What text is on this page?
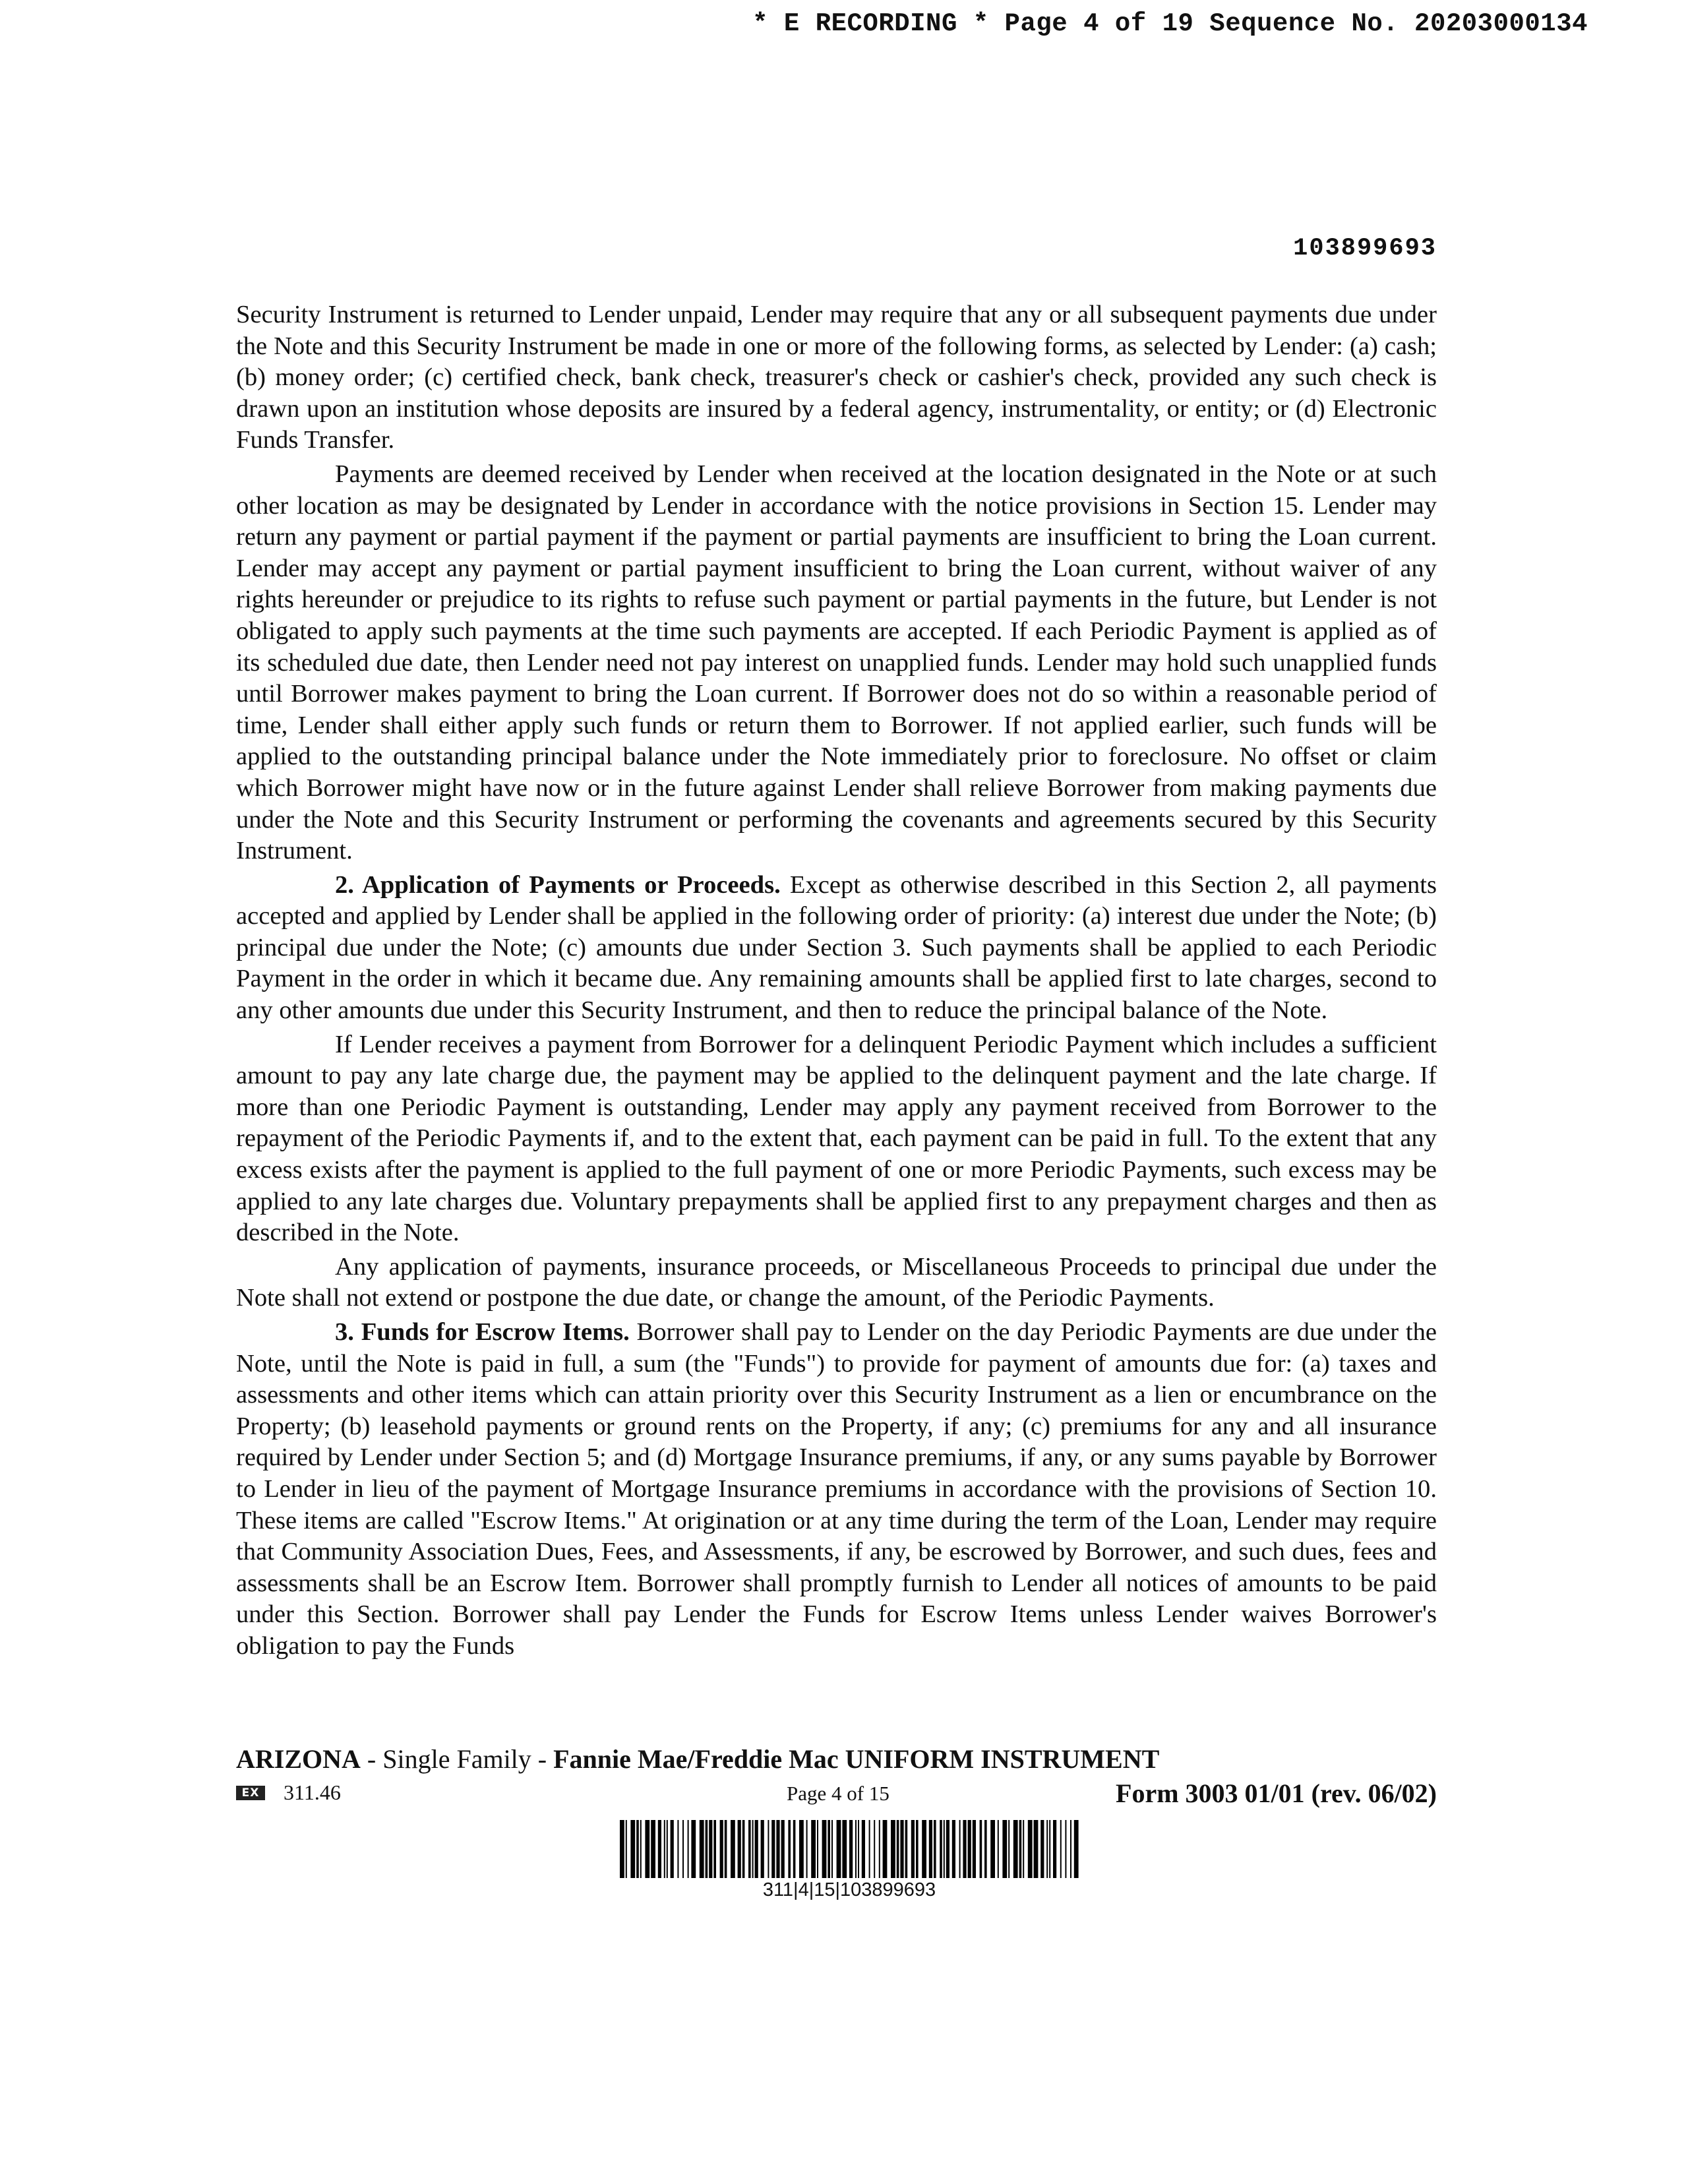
* E RECORDING * Page 4 of 19 Sequence No. 20203000134
103899693

Security Instrument is returned to Lender unpaid, Lender may require that any or all subsequent payments due under the Note and this Security Instrument be made in one or more of the following forms, as selected by Lender: (a) cash; (b) money order; (c) certified check, bank check, treasurer's check or cashier's check, provided any such check is drawn upon an institution whose deposits are insured by a federal agency, instrumentality, or entity; or (d) Electronic Funds Transfer.

Payments are deemed received by Lender when received at the location designated in the Note or at such other location as may be designated by Lender in accordance with the notice provisions in Section 15. Lender may return any payment or partial payment if the payment or partial payments are insufficient to bring the Loan current. Lender may accept any payment or partial payment insufficient to bring the Loan current, without waiver of any rights hereunder or prejudice to its rights to refuse such payment or partial payments in the future, but Lender is not obligated to apply such payments at the time such payments are accepted. If each Periodic Payment is applied as of its scheduled due date, then Lender need not pay interest on unapplied funds. Lender may hold such unapplied funds until Borrower makes payment to bring the Loan current. If Borrower does not do so within a reasonable period of time, Lender shall either apply such funds or return them to Borrower. If not applied earlier, such funds will be applied to the outstanding principal balance under the Note immediately prior to foreclosure. No offset or claim which Borrower might have now or in the future against Lender shall relieve Borrower from making payments due under the Note and this Security Instrument or performing the covenants and agreements secured by this Security Instrument.

2. Application of Payments or Proceeds. Except as otherwise described in this Section 2, all payments accepted and applied by Lender shall be applied in the following order of priority: (a) interest due under the Note; (b) principal due under the Note; (c) amounts due under Section 3. Such payments shall be applied to each Periodic Payment in the order in which it became due. Any remaining amounts shall be applied first to late charges, second to any other amounts due under this Security Instrument, and then to reduce the principal balance of the Note.

If Lender receives a payment from Borrower for a delinquent Periodic Payment which includes a sufficient amount to pay any late charge due, the payment may be applied to the delinquent payment and the late charge. If more than one Periodic Payment is outstanding, Lender may apply any payment received from Borrower to the repayment of the Periodic Payments if, and to the extent that, each payment can be paid in full. To the extent that any excess exists after the payment is applied to the full payment of one or more Periodic Payments, such excess may be applied to any late charges due. Voluntary prepayments shall be applied first to any prepayment charges and then as described in the Note.

Any application of payments, insurance proceeds, or Miscellaneous Proceeds to principal due under the Note shall not extend or postpone the due date, or change the amount, of the Periodic Payments.

3. Funds for Escrow Items. Borrower shall pay to Lender on the day Periodic Payments are due under the Note, until the Note is paid in full, a sum (the "Funds") to provide for payment of amounts due for: (a) taxes and assessments and other items which can attain priority over this Security Instrument as a lien or encumbrance on the Property; (b) leasehold payments or ground rents on the Property, if any; (c) premiums for any and all insurance required by Lender under Section 5; and (d) Mortgage Insurance premiums, if any, or any sums payable by Borrower to Lender in lieu of the payment of Mortgage Insurance premiums in accordance with the provisions of Section 10. These items are called "Escrow Items." At origination or at any time during the term of the Loan, Lender may require that Community Association Dues, Fees, and Assessments, if any, be escrowed by Borrower, and such dues, fees and assessments shall be an Escrow Item. Borrower shall promptly furnish to Lender all notices of amounts to be paid under this Section. Borrower shall pay Lender the Funds for Escrow Items unless Lender waives Borrower's obligation to pay the Funds

ARIZONA - Single Family - Fannie Mae/Freddie Mac UNIFORM INSTRUMENT
EX 311.46	Page 4 of 15	Form 3003 01/01 (rev. 06/02)
311|4|15|103899693
